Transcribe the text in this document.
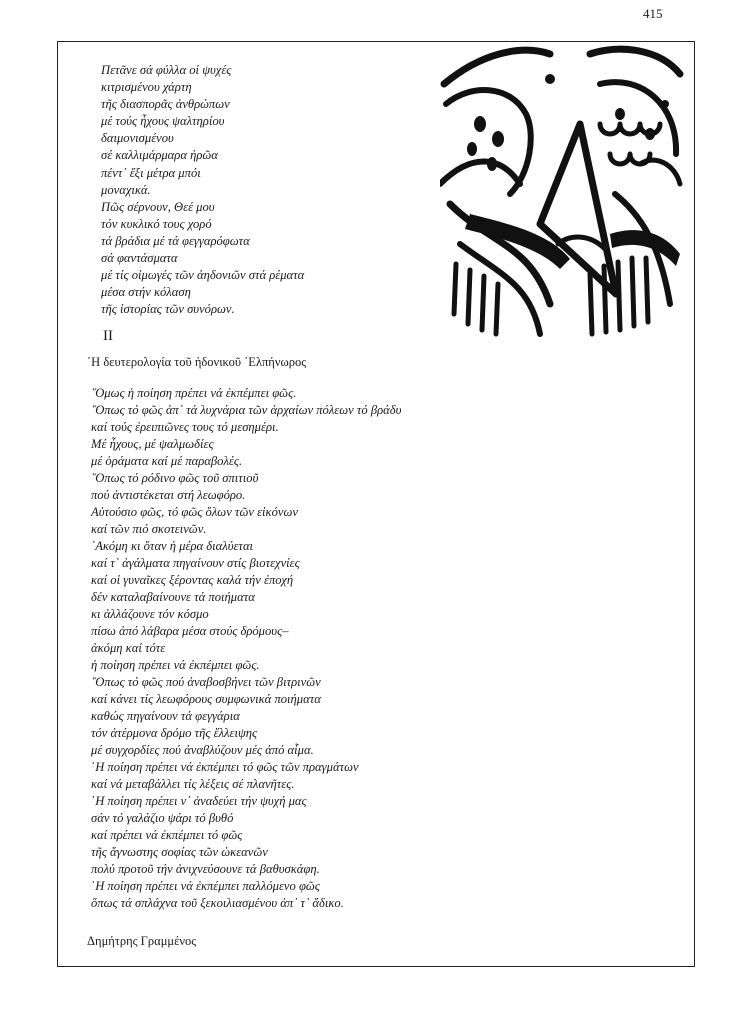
415
Πετᾶνε σά φύλλα οἱ ψυχές
κιτρισμένου χάρτη
τῆς διασπορᾶς ἀνθρώπων
μέ τούς ἦχους ψαλτηρίου
δαιμονισμένου
σέ καλλιμάρμαρα ἠρῶα
πέντ᾽ ἔξι μέτρα μπόι
μοναχικά.
Πῶς σέρνουν, Θεέ μου
τόν κυκλικό τους χορό
τά βράδια μέ τά φεγγαρόφωτα
σά φαντάσματα
μέ τίς οἰμωγές τῶν ἀηδονιῶν στά ρέματα
μέσα στήν κόλαση
τῆς ἱστορίας τῶν συνόρων.
II
῾Η δευτερολογία τοῦ ἡδονικοῦ ᾿Ελπήνωρος
῞Ομως ἡ ποίηση πρέπει νά ἐκπέμπει φῶς.
῞Οπως τό φῶς ἀπ᾽ τά λυχνάρια τῶν ἀρχαίων πόλεων τό βράδυ
καί τούς ἐρειπιῶνες τους τό μεσημέρι.
Μέ ἦχους, μέ ψαλμωδίες
μέ ὁράματα καί μέ παραβολές.
῞Οπως τό ρόδινο φῶς τοῦ σπιτιοῦ
πού ἀντιστέκεται στή λεωφόρο.
Αὐτούσιο φῶς, τό φῶς ὅλων τῶν εἰκόνων
καί τῶν πιό σκοτεινῶν.
᾿Ακόμη κι ὅταν ἡ μέρα διαλύεται
καί τ᾽ ἀγάλματα πηγαίνουν στίς βιοτεχνίες
καί οἱ γυναῖκες ξέροντας καλά τήν ἐποχή
δέν καταλαβαίνουνε τά ποιήματα
κι ἀλλάζουνε τόν κόσμο
πίσω ἀπό λάβαρα μέσα στούς δρόμους–
ἀκόμη καί τότε
ἡ ποίηση πρέπει νά ἐκπέμπει φῶς.
῞Οπως τό φῶς πού ἀναβοσβήνει τῶν βιτρινῶν
καί κάνει τίς λεωφόρους συμφωνικά ποιήματα
καθώς πηγαίνουν τά φεγγάρια
τόν ἀτέρμονα δρόμο τῆς ἔλλειψης
μέ συγχορδίες πού ἀναβλύζουν μές ἀπό αἷμα.
῾Η ποίηση πρέπει νά ἐκπέμπει τό φῶς τῶν πραγμάτων
καί νά μεταβάλλει τίς λέξεις σέ πλανῆτες.
῾Η ποίηση πρέπει ν᾽ ἀναδεύει τήν ψυχή μας
σάν τό γαλάζιο ψάρι τό βυθό
καί πρέπει νά ἐκπέμπει τό φῶς
τῆς ἄγνωστης σοφίας τῶν ὠκεανῶν
πολύ προτοῦ τήν ἀνιχνεύσουνε τά βαθυσκάφη.
῾Η ποίηση πρέπει νά ἐκπέμπει παλλόμενο φῶς
ὅπως τά σπλάχνα τοῦ ξεκοιλιασμένου ἀπ᾽ τ᾽ ἄδικο.
Δημήτρης Γραμμένος
